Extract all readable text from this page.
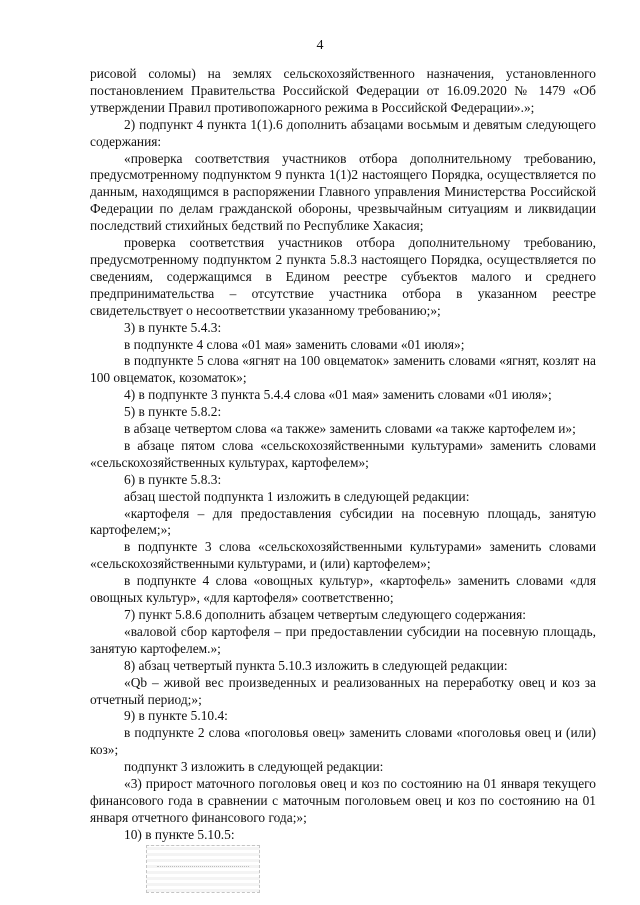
4

рисовой соломы) на землях сельскохозяйственного назначения, установленного постановлением Правительства Российской Федерации от 16.09.2020 № 1479 «Об утверждении Правил противопожарного режима в Российской Федерации».»;

2) подпункт 4 пункта 1(1).6 дополнить абзацами восьмым и девятым следующего содержания:

«проверка соответствия участников отбора дополнительному требованию, предусмотренному подпунктом 9 пункта 1(1)2 настоящего Порядка, осуществляется по данным, находящимся в распоряжении Главного управления Министерства Российской Федерации по делам гражданской обороны, чрезвычайным ситуациям и ликвидации последствий стихийных бедствий по Республике Хакасия;

проверка соответствия участников отбора дополнительному требованию, предусмотренному подпунктом 2 пункта 5.8.3 настоящего Порядка, осуществляется по сведениям, содержащимся в Едином реестре субъектов малого и среднего предпринимательства – отсутствие участника отбора в указанном реестре свидетельствует о несоответствии указанному требованию;»;

3) в пункте 5.4.3:

в подпункте 4 слова «01 мая» заменить словами «01 июля»;

в подпункте 5 слова «ягнят на 100 овцематок» заменить словами «ягнят, козлят на 100 овцематок, козоматок»;

4) в подпункте 3 пункта 5.4.4 слова «01 мая» заменить словами «01 июля»;

5) в пункте 5.8.2:

в абзаце четвертом слова «а также» заменить словами «а также картофелем и»;

в абзаце пятом слова «сельскохозяйственными культурами» заменить словами «сельскохозяйственных культурах, картофелем»;

6) в пункте 5.8.3:

абзац шестой подпункта 1 изложить в следующей редакции:

«картофеля – для предоставления субсидии на посевную площадь, занятую картофелем;»;

в подпункте 3 слова «сельскохозяйственными культурами» заменить словами «сельскохозяйственными культурами, и (или) картофелем»;

в подпункте 4 слова «овощных культур», «картофель» заменить словами «для овощных культур», «для картофеля» соответственно;

7) пункт 5.8.6 дополнить абзацем четвертым следующего содержания:

«валовой сбор картофеля – при предоставлении субсидии на посевную площадь, занятую картофелем.»;

8) абзац четвертый пункта 5.10.3 изложить в следующей редакции:

«Qb – живой вес произведенных и реализованных на переработку овец и коз за отчетный период;»;

9) в пункте 5.10.4:

в подпункте 2 слова «поголовья овец» заменить словами «поголовья овец и (или) коз»;

подпункт 3 изложить в следующей редакции:

«3) прирост маточного поголовья овец и коз по состоянию на 01 января текущего финансового года в сравнении с маточным поголовьем овец и коз по состоянию на 01 января отчетного финансового года;»;

10) в пункте 5.10.5:
